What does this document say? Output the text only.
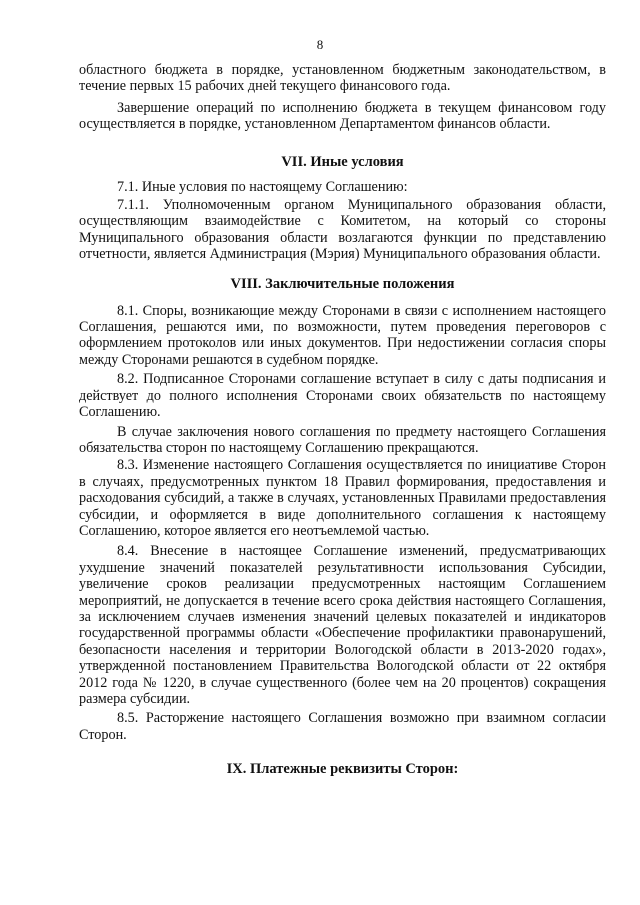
8

областного бюджета в порядке, установленном бюджетным законодательством, в течение первых 15 рабочих дней текущего финансового года.

Завершение операций по исполнению бюджета в текущем финансовом году осуществляется в порядке, установленном Департаментом финансов области.

VII. Иные условия

7.1. Иные условия по настоящему Соглашению:

7.1.1. Уполномоченным органом Муниципального образования области, осуществляющим взаимодействие с Комитетом, на который со стороны Муниципального образования области возлагаются функции по представлению отчетности, является Администрация (Мэрия) Муниципального образования области.

VIII. Заключительные положения

8.1. Споры, возникающие между Сторонами в связи с исполнением настоящего Соглашения, решаются ими, по возможности, путем проведения переговоров с оформлением протоколов или иных документов. При недостижении согласия споры между Сторонами решаются в судебном порядке.

8.2. Подписанное Сторонами соглашение вступает в силу с даты подписания и действует до полного исполнения Сторонами своих обязательств по настоящему Соглашению.

В случае заключения нового соглашения по предмету настоящего Соглашения обязательства сторон по настоящему Соглашению прекращаются.

8.3. Изменение настоящего Соглашения осуществляется по инициативе Сторон в случаях, предусмотренных пунктом 18 Правил формирования, предоставления и расходования субсидий, а также в случаях, установленных Правилами предоставления субсидии, и оформляется в виде дополнительного соглашения к настоящему Соглашению, которое является его неотъемлемой частью.

8.4. Внесение в настоящее Соглашение изменений, предусматривающих ухудшение значений показателей результативности использования Субсидии, увеличение сроков реализации предусмотренных настоящим Соглашением мероприятий, не допускается в течение всего срока действия настоящего Соглашения, за исключением случаев изменения значений целевых показателей и индикаторов государственной программы области «Обеспечение профилактики правонарушений, безопасности населения и территории Вологодской области в 2013-2020 годах», утвержденной постановлением Правительства Вологодской области от 22 октября 2012 года № 1220, в случае существенного (более чем на 20 процентов) сокращения размера субсидии.

8.5. Расторжение настоящего Соглашения возможно при взаимном согласии Сторон.

IX. Платежные реквизиты Сторон:
